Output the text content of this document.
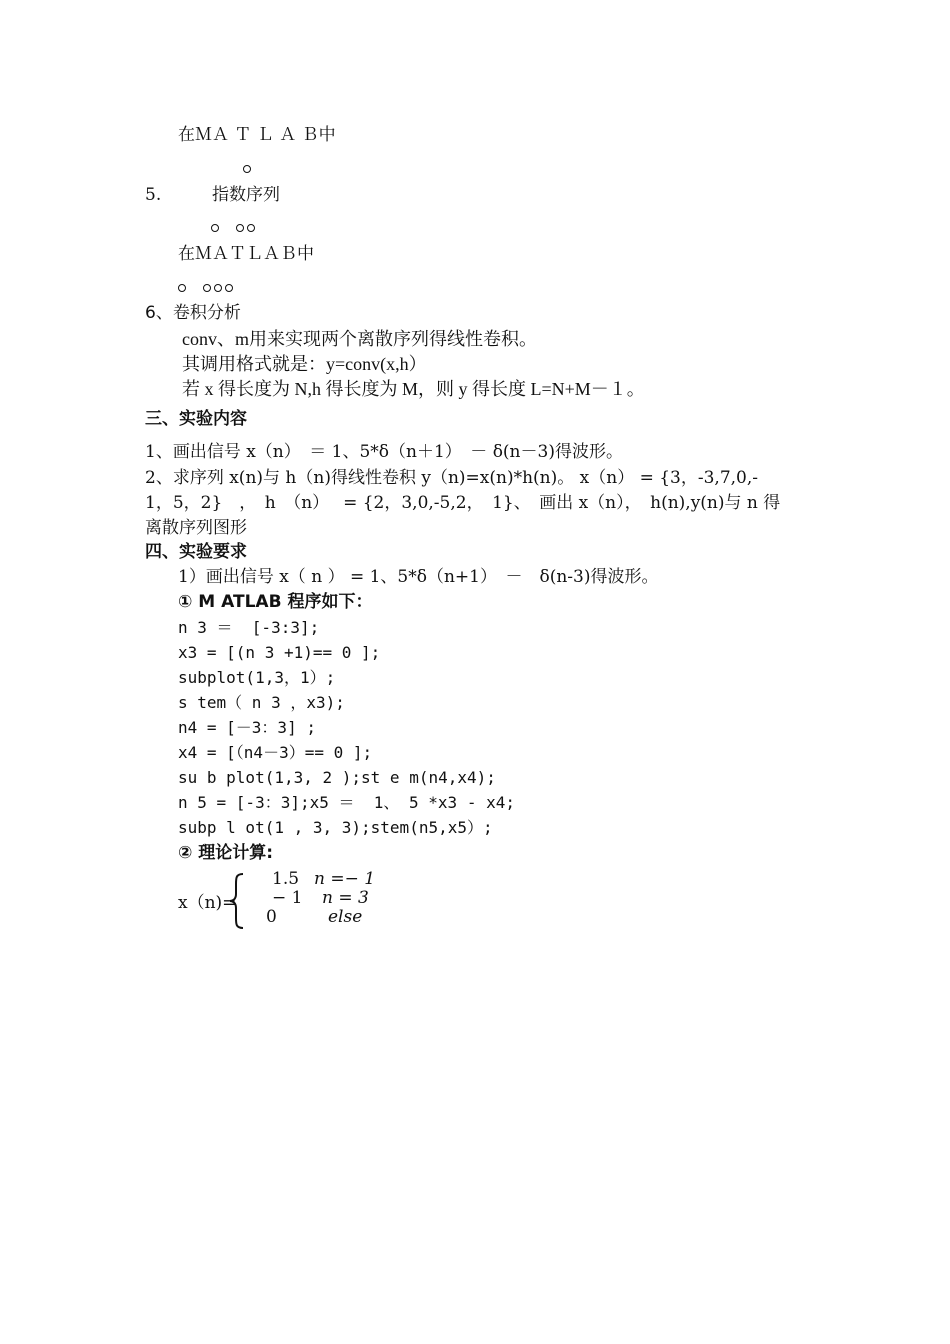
在ＭＡ Ｔ Ｌ Ａ Ｂ中
5.	指数序列
在ＭＡＴＬＡＢ中
6、卷积分析
conv、m用来实现两个离散序列得线性卷积。
其调用格式就是：y=conv(x,h）
若 x 得长度为 N,h 得长度为 M，则 y 得长度 L=N+M－１。
三、实验内容
1、画出信号 x（n）　＝ 1、5*δ（n＋1）　－ δ(n－3)得波形。
2、求序列 x(n)与 h（n)得线性卷积 y（n)=x(n)*h(n)。 x（n） = {3，-3,7,0,-
1，5，2}　，　h　（n）　 = {2，3,0,-5,2，　1}、　画出 x（n），　h(n),y(n)与 n 得
离散序列图形
四、实验要求
1）画出信号 x（ n ） = 1、5*δ（n+1）　－　δ(n-3)得波形。
① M ATLAB 程序如下：
n 3 ＝  [-3:3];
x3 = [(n 3 +1)== 0 ];
subplot(1,3，1）;
s tem（ n 3 ，x3);
n4 = [－3：3] ;
x4 = [（n4－3）== 0 ];
su b plot(1,3, 2 );st e m(n4,x4);
n 5 = [-3：3];x5 ＝  1、 5 *x3 - x4;
subp l ot(1 , 3, 3);stem(n5,x5）;
② 理论计算:
x（n)=
1.5 n =− 1
− 1 n = 3
0	else
